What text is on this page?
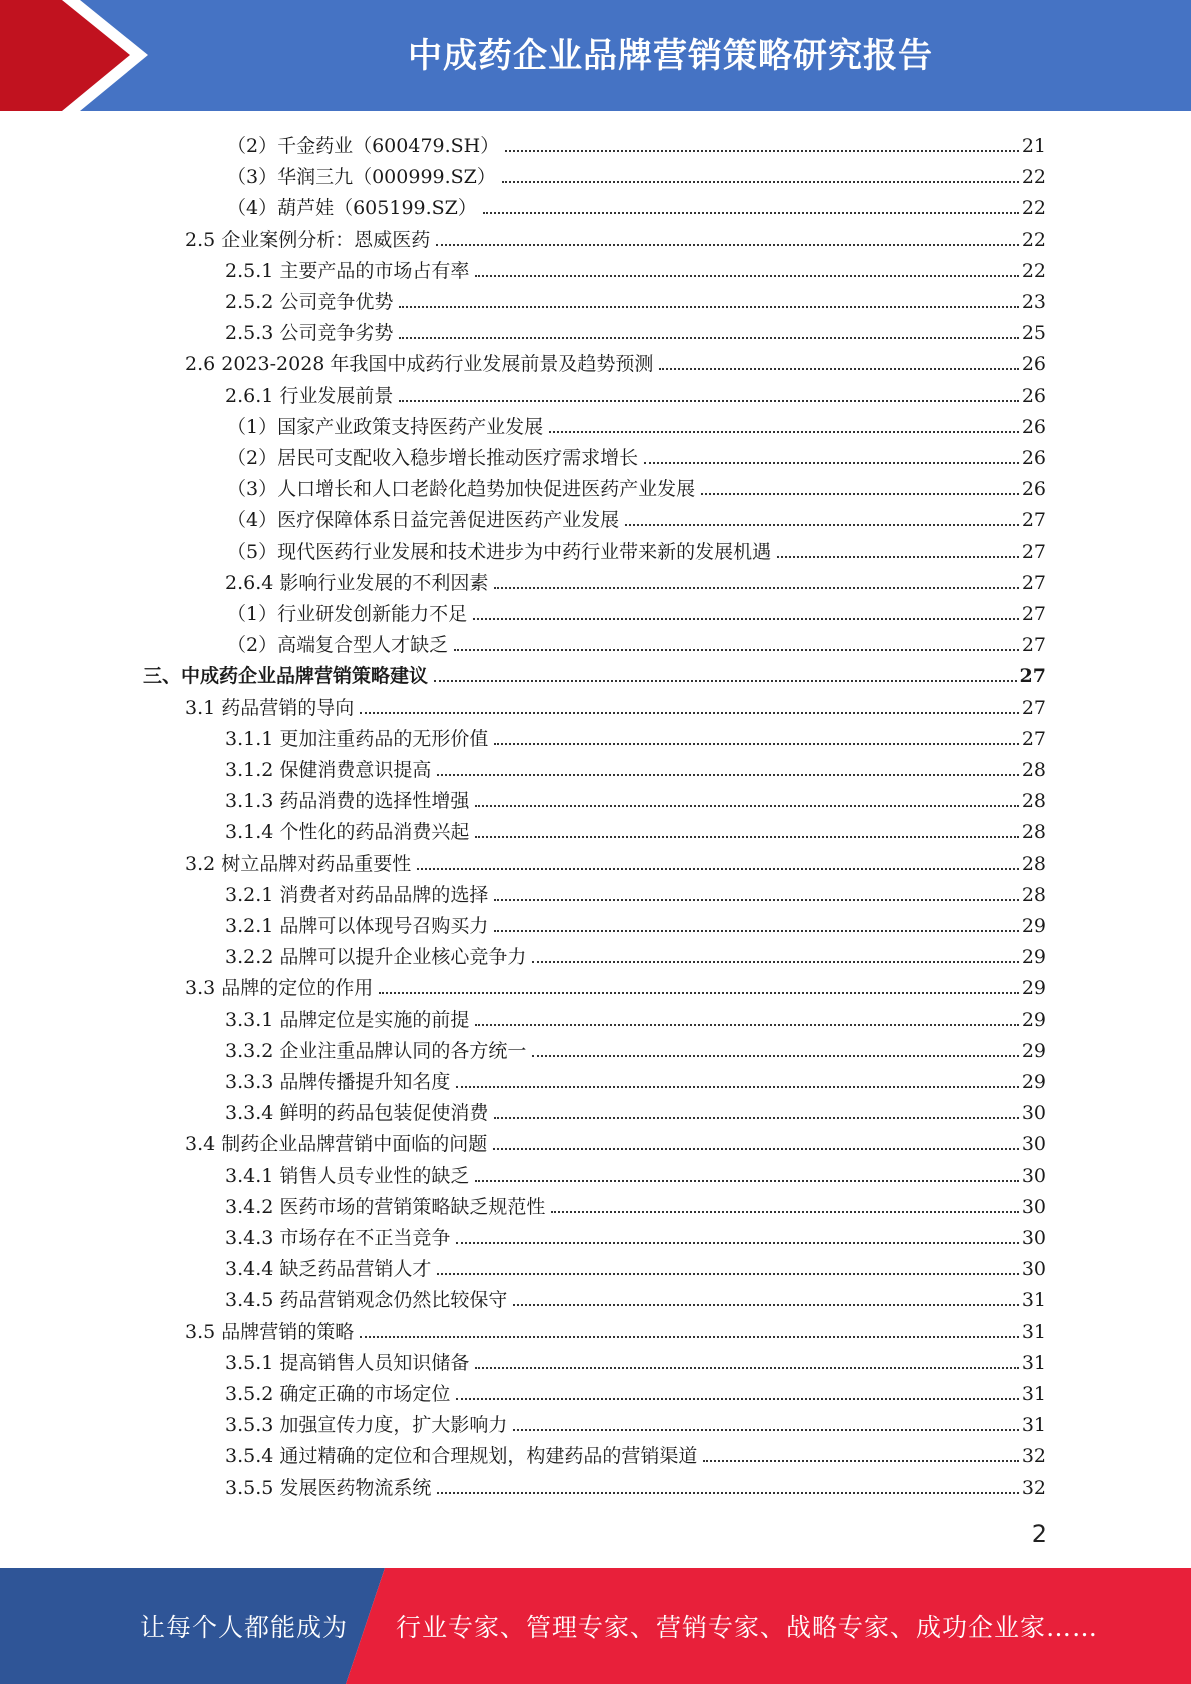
中成药企业品牌营销策略研究报告
（2）千金药业（600479.SH）	21
（3）华润三九（000999.SZ）	22
（4）葫芦娃（605199.SZ）	22
2.5 企业案例分析：恩威医药	22
2.5.1 主要产品的市场占有率	22
2.5.2 公司竞争优势	23
2.5.3 公司竞争劣势	25
2.6 2023-2028 年我国中成药行业发展前景及趋势预测	26
2.6.1 行业发展前景	26
（1）国家产业政策支持医药产业发展	26
（2）居民可支配收入稳步增长推动医疗需求增长	26
（3）人口增长和人口老龄化趋势加快促进医药产业发展	26
（4）医疗保障体系日益完善促进医药产业发展	27
（5）现代医药行业发展和技术进步为中药行业带来新的发展机遇	27
2.6.4 影响行业发展的不利因素	27
（1）行业研发创新能力不足	27
（2）高端复合型人才缺乏	27
三、中成药企业品牌营销策略建议	27
3.1 药品营销的导向	27
3.1.1 更加注重药品的无形价值	27
3.1.2 保健消费意识提高	28
3.1.3 药品消费的选择性增强	28
3.1.4 个性化的药品消费兴起	28
3.2 树立品牌对药品重要性	28
3.2.1 消费者对药品品牌的选择	28
3.2.1 品牌可以体现号召购买力	29
3.2.2 品牌可以提升企业核心竞争力	29
3.3 品牌的定位的作用	29
3.3.1 品牌定位是实施的前提	29
3.3.2 企业注重品牌认同的各方统一	29
3.3.3 品牌传播提升知名度	29
3.3.4 鲜明的药品包装促使消费	30
3.4 制药企业品牌营销中面临的问题	30
3.4.1 销售人员专业性的缺乏	30
3.4.2 医药市场的营销策略缺乏规范性	30
3.4.3 市场存在不正当竞争	30
3.4.4 缺乏药品营销人才	30
3.4.5 药品营销观念仍然比较保守	31
3.5 品牌营销的策略	31
3.5.1 提高销售人员知识储备	31
3.5.2 确定正确的市场定位	31
3.5.3 加强宣传力度，扩大影响力	31
3.5.4 通过精确的定位和合理规划，构建药品的营销渠道	32
3.5.5 发展医药物流系统	32
2
让每个人都能成为 行业专家、管理专家、营销专家、战略专家、成功企业家……
